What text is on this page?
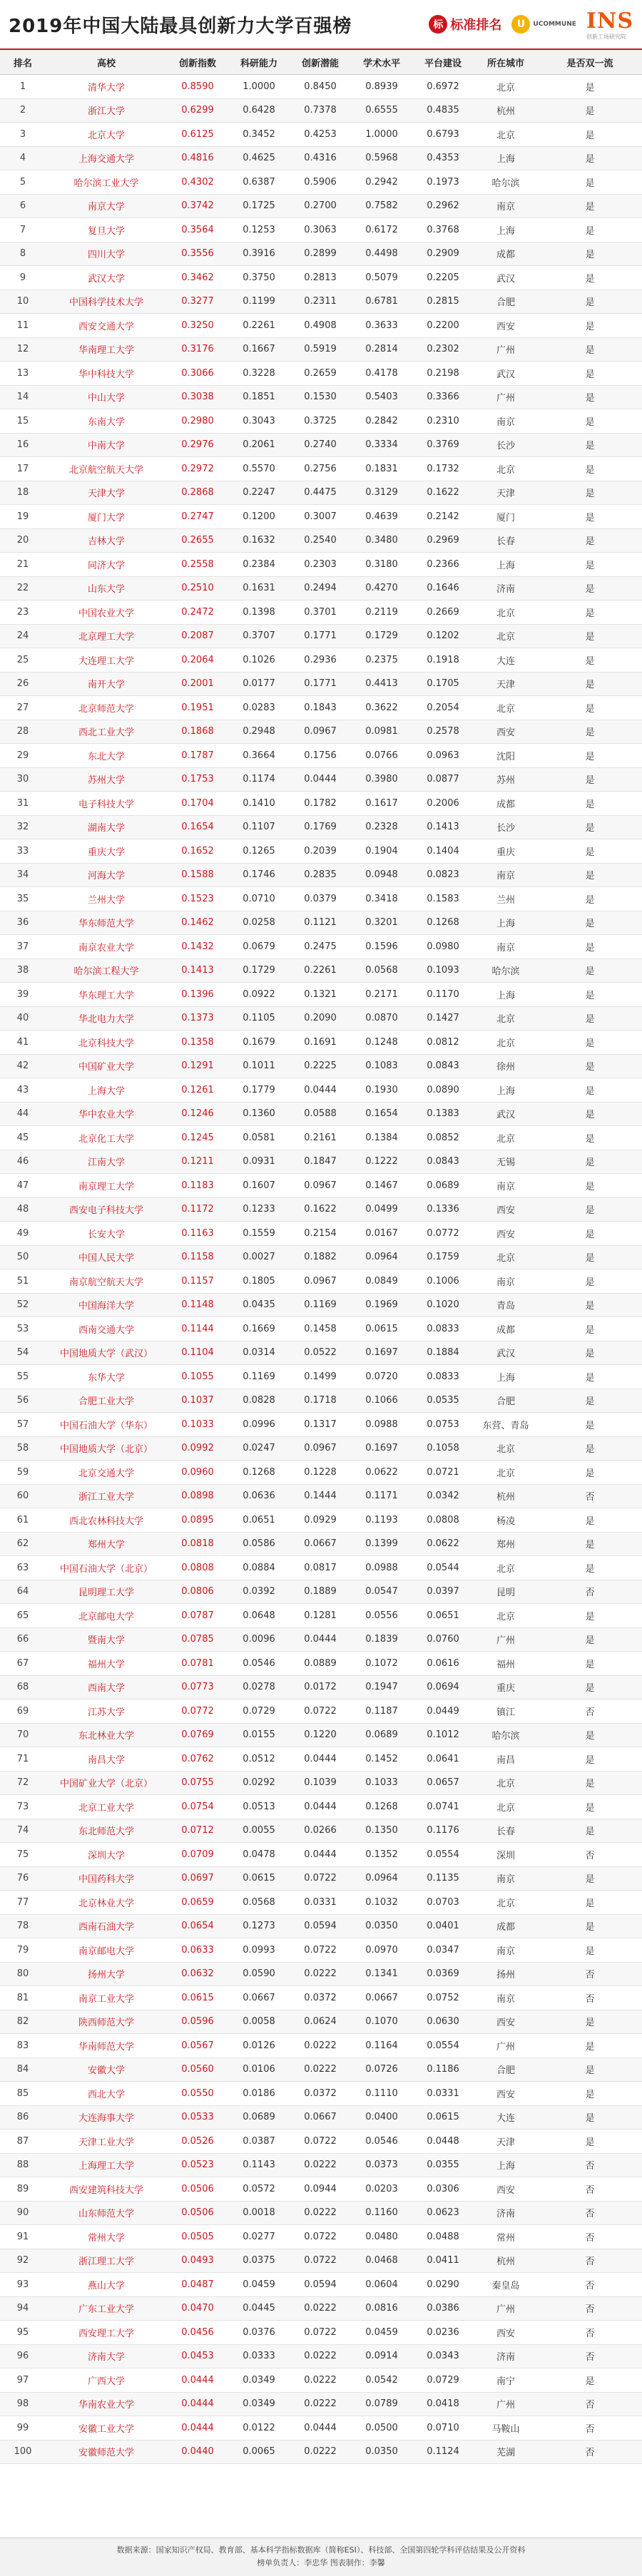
2019年中国大陆最具创新力大学百强榜	标 标准排名	U	UCOMMUNE INS
创新工场研究院
排名	高校	创新指数	科研能力	创新潜能	学术水平	平台建设	所在城市	是否双一流
1	清华大学	0.8590	1.0000	0.8450	0.8939	0.6972	北京	是
2	浙江大学	0.6299	0.6428	0.7378	0.6555	0.4835	杭州	是
3	北京大学	0.6125	0.3452	0.4253	1.0000	0.6793	北京	是
4	上海交通大学	0.4816	0.4625	0.4316	0.5968	0.4353	上海	是
5	哈尔滨工业大学	0.4302	0.6387	0.5906	0.2942	0.1973	哈尔滨	是
6	南京大学	0.3742	0.1725	0.2700	0.7582	0.2962	南京	是
7	复旦大学	0.3564	0.1253	0.3063	0.6172	0.3768	上海	是
8	四川大学	0.3556	0.3916	0.2899	0.4498	0.2909	成都	是
9	武汉大学	0.3462	0.3750	0.2813	0.5079	0.2205	武汉	是
10	中国科学技术大学	0.3277	0.1199	0.2311	0.6781	0.2815	合肥	是
11	西安交通大学	0.3250	0.2261	0.4908	0.3633	0.2200	西安	是
12	华南理工大学	0.3176	0.1667	0.5919	0.2814	0.2302	广州	是
13	华中科技大学	0.3066	0.3228	0.2659	0.4178	0.2198	武汉	是
14	中山大学	0.3038	0.1851	0.1530	0.5403	0.3366	广州	是
15	东南大学	0.2980	0.3043	0.3725	0.2842	0.2310	南京	是
16	中南大学	0.2976	0.2061	0.2740	0.3334	0.3769	长沙	是
17	北京航空航天大学	0.2972	0.5570	0.2756	0.1831	0.1732	北京	是
18	天津大学	0.2868	0.2247	0.4475	0.3129	0.1622	天津	是
19	厦门大学	0.2747	0.1200	0.3007	0.4639	0.2142	厦门	是
20	吉林大学	0.2655	0.1632	0.2540	0.3480	0.2969	长春	是
21	同济大学	0.2558	0.2384	0.2303	0.3180	0.2366	上海	是
22	山东大学	0.2510	0.1631	0.2494	0.4270	0.1646	济南	是
23	中国农业大学	0.2472	0.1398	0.3701	0.2119	0.2669	北京	是
24	北京理工大学	0.2087	0.3707	0.1771	0.1729	0.1202	北京	是
25	大连理工大学	0.2064	0.1026	0.2936	0.2375	0.1918	大连	是
26	南开大学	0.2001	0.0177	0.1771	0.4413	0.1705	天津	是
27	北京师范大学	0.1951	0.0283	0.1843	0.3622	0.2054	北京	是
28	西北工业大学	0.1868	0.2948	0.0967	0.0981	0.2578	西安	是
29	东北大学	0.1787	0.3664	0.1756	0.0766	0.0963	沈阳	是
30	苏州大学	0.1753	0.1174	0.0444	0.3980	0.0877	苏州	是
31	电子科技大学	0.1704	0.1410	0.1782	0.1617	0.2006	成都	是
32	湖南大学	0.1654	0.1107	0.1769	0.2328	0.1413	长沙	是
33	重庆大学	0.1652	0.1265	0.2039	0.1904	0.1404	重庆	是
34	河海大学	0.1588	0.1746	0.2835	0.0948	0.0823	南京	是
35	兰州大学	0.1523	0.0710	0.0379	0.3418	0.1583	兰州	是
36	华东师范大学	0.1462	0.0258	0.1121	0.3201	0.1268	上海	是
37	南京农业大学	0.1432	0.0679	0.2475	0.1596	0.0980	南京	是
38	哈尔滨工程大学	0.1413	0.1729	0.2261	0.0568	0.1093	哈尔滨	是
39	华东理工大学	0.1396	0.0922	0.1321	0.2171	0.1170	上海	是
40	华北电力大学	0.1373	0.1105	0.2090	0.0870	0.1427	北京	是
41	北京科技大学	0.1358	0.1679	0.1691	0.1248	0.0812	北京	是
42	中国矿业大学	0.1291	0.1011	0.2225	0.1083	0.0843	徐州	是
43	上海大学	0.1261	0.1779	0.0444	0.1930	0.0890	上海	是
44	华中农业大学	0.1246	0.1360	0.0588	0.1654	0.1383	武汉	是
45	北京化工大学	0.1245	0.0581	0.2161	0.1384	0.0852	北京	是
46	江南大学	0.1211	0.0931	0.1847	0.1222	0.0843	无锡	是
47	南京理工大学	0.1183	0.1607	0.0967	0.1467	0.0689	南京	是
48	西安电子科技大学	0.1172	0.1233	0.1622	0.0499	0.1336	西安	是
49	长安大学	0.1163	0.1559	0.2154	0.0167	0.0772	西安	是
50	中国人民大学	0.1158	0.0027	0.1882	0.0964	0.1759	北京	是
51	南京航空航天大学	0.1157	0.1805	0.0967	0.0849	0.1006	南京	是
52	中国海洋大学	0.1148	0.0435	0.1169	0.1969	0.1020	青岛	是
53	西南交通大学	0.1144	0.1669	0.1458	0.0615	0.0833	成都	是
54	中国地质大学（武汉）	0.1104	0.0314	0.0522	0.1697	0.1884	武汉	是
55	东华大学	0.1055	0.1169	0.1499	0.0720	0.0833	上海	是
56	合肥工业大学	0.1037	0.0828	0.1718	0.1066	0.0535	合肥	是
57	中国石油大学（华东）	0.1033	0.0996	0.1317	0.0988	0.0753	东营、青岛	是
58	中国地质大学（北京）	0.0992	0.0247	0.0967	0.1697	0.1058	北京	是
59	北京交通大学	0.0960	0.1268	0.1228	0.0622	0.0721	北京	是
60	浙江工业大学	0.0898	0.0636	0.1444	0.1171	0.0342	杭州	否
61	西北农林科技大学	0.0895	0.0651	0.0929	0.1193	0.0808	杨凌	是
62	郑州大学	0.0818	0.0586	0.0667	0.1399	0.0622	郑州	是
63	中国石油大学（北京）	0.0808	0.0884	0.0817	0.0988	0.0544	北京	是
64	昆明理工大学	0.0806	0.0392	0.1889	0.0547	0.0397	昆明	否
65	北京邮电大学	0.0787	0.0648	0.1281	0.0556	0.0651	北京	是
66	暨南大学	0.0785	0.0096	0.0444	0.1839	0.0760	广州	是
67	福州大学	0.0781	0.0546	0.0889	0.1072	0.0616	福州	是
68	西南大学	0.0773	0.0278	0.0172	0.1947	0.0694	重庆	是
69	江苏大学	0.0772	0.0729	0.0722	0.1187	0.0449	镇江	否
70	东北林业大学	0.0769	0.0155	0.1220	0.0689	0.1012	哈尔滨	是
71	南昌大学	0.0762	0.0512	0.0444	0.1452	0.0641	南昌	是
72	中国矿业大学（北京）	0.0755	0.0292	0.1039	0.1033	0.0657	北京	是
73	北京工业大学	0.0754	0.0513	0.0444	0.1268	0.0741	北京	是
74	东北师范大学	0.0712	0.0055	0.0266	0.1350	0.1176	长春	是
75	深圳大学	0.0709	0.0478	0.0444	0.1352	0.0554	深圳	否
76	中国药科大学	0.0697	0.0615	0.0722	0.0964	0.1135	南京	是
77	北京林业大学	0.0659	0.0568	0.0331	0.1032	0.0703	北京	是
78	西南石油大学	0.0654	0.1273	0.0594	0.0350	0.0401	成都	是
79	南京邮电大学	0.0633	0.0993	0.0722	0.0970	0.0347	南京	是
80	扬州大学	0.0632	0.0590	0.0222	0.1341	0.0369	扬州	否
81	南京工业大学	0.0615	0.0667	0.0372	0.0667	0.0752	南京	否
82	陕西师范大学	0.0596	0.0058	0.0624	0.1070	0.0630	西安	是
83	华南师范大学	0.0567	0.0126	0.0222	0.1164	0.0554	广州	是
84	安徽大学	0.0560	0.0106	0.0222	0.0726	0.1186	合肥	是
85	西北大学	0.0550	0.0186	0.0372	0.1110	0.0331	西安	是
86	大连海事大学	0.0533	0.0689	0.0667	0.0400	0.0615	大连	是
87	天津工业大学	0.0526	0.0387	0.0722	0.0546	0.0448	天津	是
88	上海理工大学	0.0523	0.1143	0.0222	0.0373	0.0355	上海	否
89	西安建筑科技大学	0.0506	0.0572	0.0944	0.0203	0.0306	西安	否
90	山东师范大学	0.0506	0.0018	0.0222	0.1160	0.0623	济南	否
91	常州大学	0.0505	0.0277	0.0722	0.0480	0.0488	常州	否
92	浙江理工大学	0.0493	0.0375	0.0722	0.0468	0.0411	杭州	否
93	燕山大学	0.0487	0.0459	0.0594	0.0604	0.0290	秦皇岛	否
94	广东工业大学	0.0470	0.0445	0.0222	0.0816	0.0386	广州	否
95	西安理工大学	0.0456	0.0376	0.0722	0.0459	0.0236	西安	否
96	济南大学	0.0453	0.0333	0.0222	0.0914	0.0343	济南	否
97	广西大学	0.0444	0.0349	0.0222	0.0542	0.0729	南宁	是
98	华南农业大学	0.0444	0.0349	0.0222	0.0789	0.0418	广州	否
99	安徽工业大学	0.0444	0.0122	0.0444	0.0500	0.0710	马鞍山	否
100	安徽师范大学	0.0440	0.0065	0.0222	0.0350	0.1124	芜湖	否
数据来源：国家知识产权局、教育部、基本科学指标数据库（简称ESI）、科技部、全国第四轮学科评估结果及公开资料
榜单负责人：李忠华 图表制作：李馨
